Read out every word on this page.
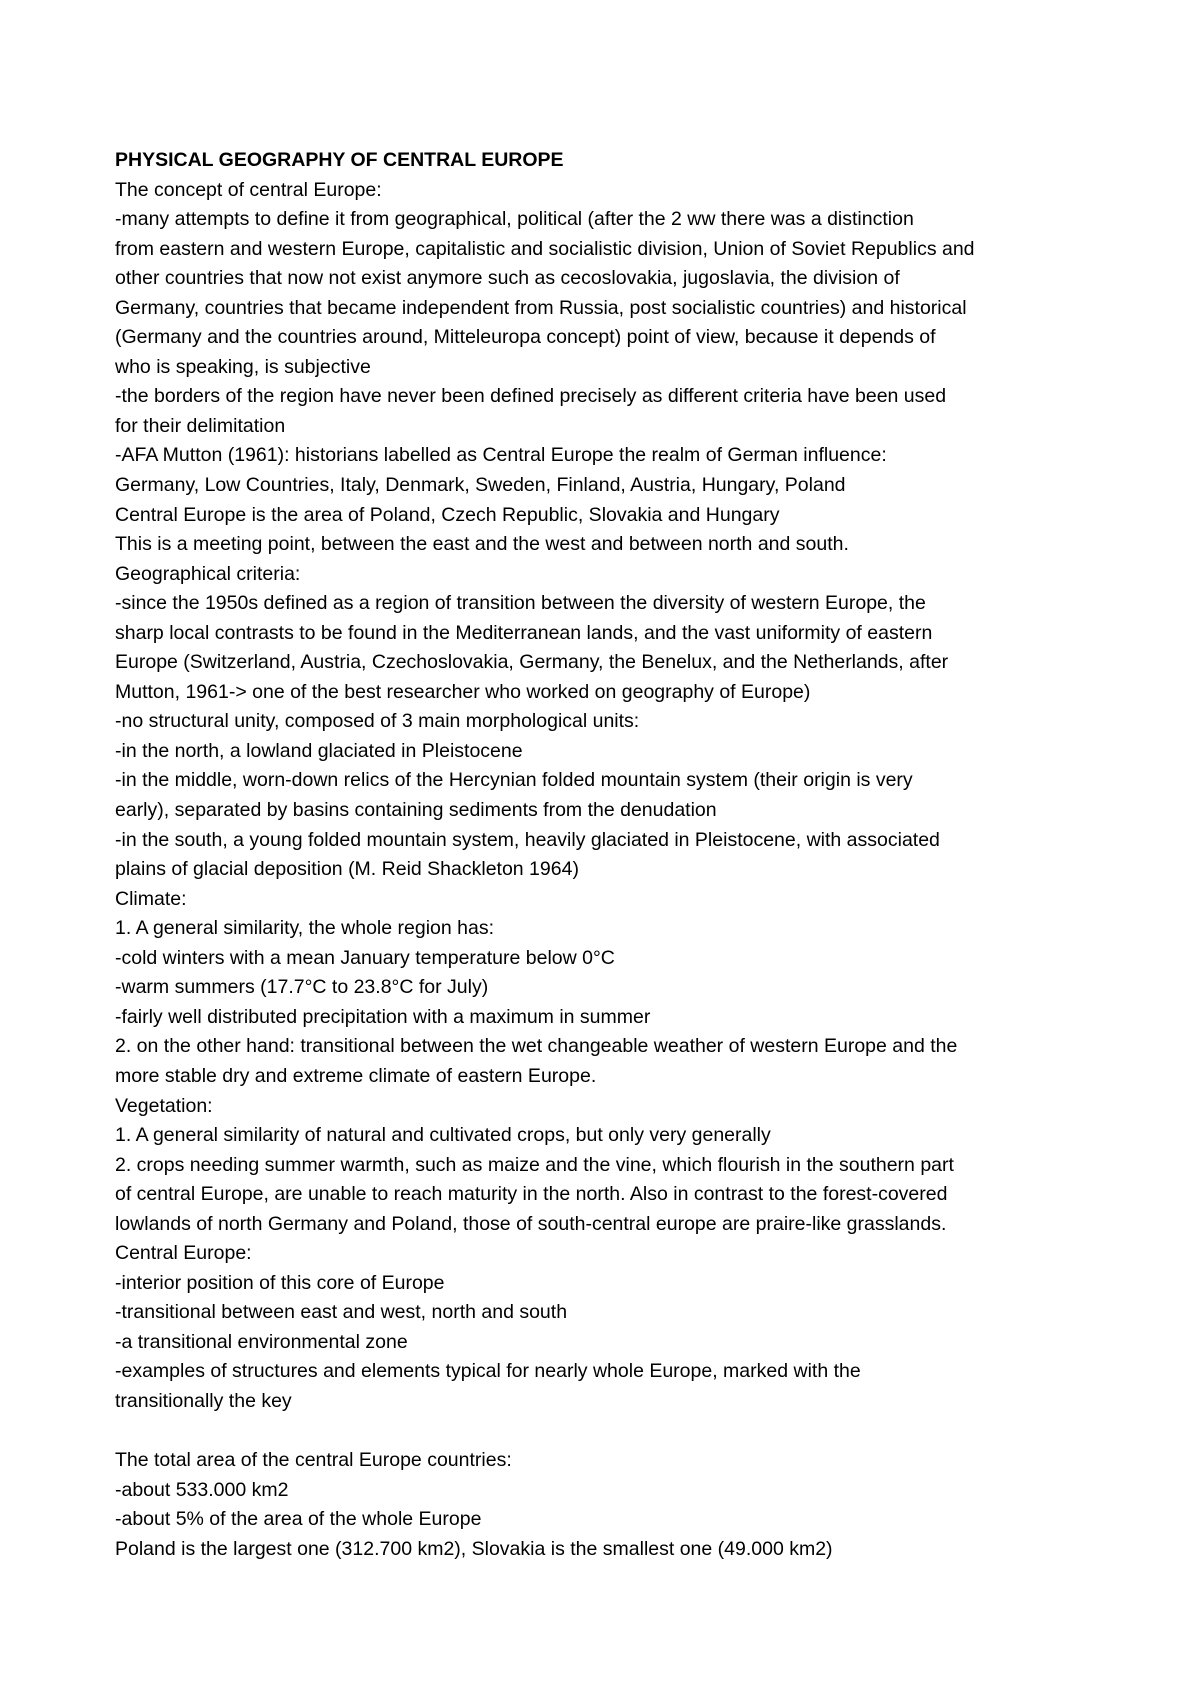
PHYSICAL GEOGRAPHY OF CENTRAL EUROPE
The concept of central Europe:
-many attempts to define it from geographical, political (after the 2 ww there was a distinction
from eastern and western Europe, capitalistic and socialistic division, Union of Soviet Republics and
other countries that now not exist anymore such as cecoslovakia, jugoslavia, the division of
Germany, countries that became independent from Russia, post socialistic countries) and historical
(Germany and the countries around, Mitteleuropa concept) point of view, because it depends of
who is speaking, is subjective
-the borders of the region have never been defined precisely as different criteria have been used
for their delimitation
-AFA Mutton (1961): historians labelled as Central Europe the realm of German influence:
Germany, Low Countries, Italy, Denmark, Sweden, Finland, Austria, Hungary, Poland
Central Europe is the area of Poland, Czech Republic, Slovakia and Hungary
This is a meeting point, between the east and the west and between north and south.
Geographical criteria:
-since the 1950s defined as a region of transition between the diversity of western Europe, the
sharp local contrasts to be found in the Mediterranean lands, and the vast uniformity of eastern
Europe (Switzerland, Austria, Czechoslovakia, Germany, the Benelux, and the Netherlands, after
Mutton, 1961-> one of the best researcher who worked on geography of Europe)
-no structural unity, composed of 3 main morphological units:
-in the north, a lowland glaciated in Pleistocene
-in the middle, worn-down relics of the Hercynian folded mountain system (their origin is very
early), separated by basins containing sediments from the denudation
-in the south, a young folded mountain system, heavily glaciated in Pleistocene, with associated
plains of glacial deposition (M. Reid Shackleton 1964)
Climate:
1. A general similarity, the whole region has:
-cold winters with a mean January temperature below 0°C
-warm summers (17.7°C to 23.8°C for July)
-fairly well distributed precipitation with a maximum in summer
2. on the other hand: transitional between the wet changeable weather of western Europe and the
more stable dry and extreme climate of eastern Europe.
Vegetation:
1. A general similarity of natural and cultivated crops, but only very generally
2. crops needing summer warmth, such as maize and the vine, which flourish in the southern part
of central Europe, are unable to reach maturity in the north. Also in contrast to the forest-covered
lowlands of north Germany and Poland, those of south-central europe are praire-like grasslands.
Central Europe:
-interior position of this core of Europe
-transitional between east and west, north and south
-a transitional environmental zone
-examples of structures and elements typical for nearly whole Europe, marked with the
transitionally the key
The total area of the central Europe countries:
-about 533.000 km2
-about 5% of the area of the whole Europe
Poland is the largest one (312.700 km2), Slovakia is the smallest one (49.000 km2)
